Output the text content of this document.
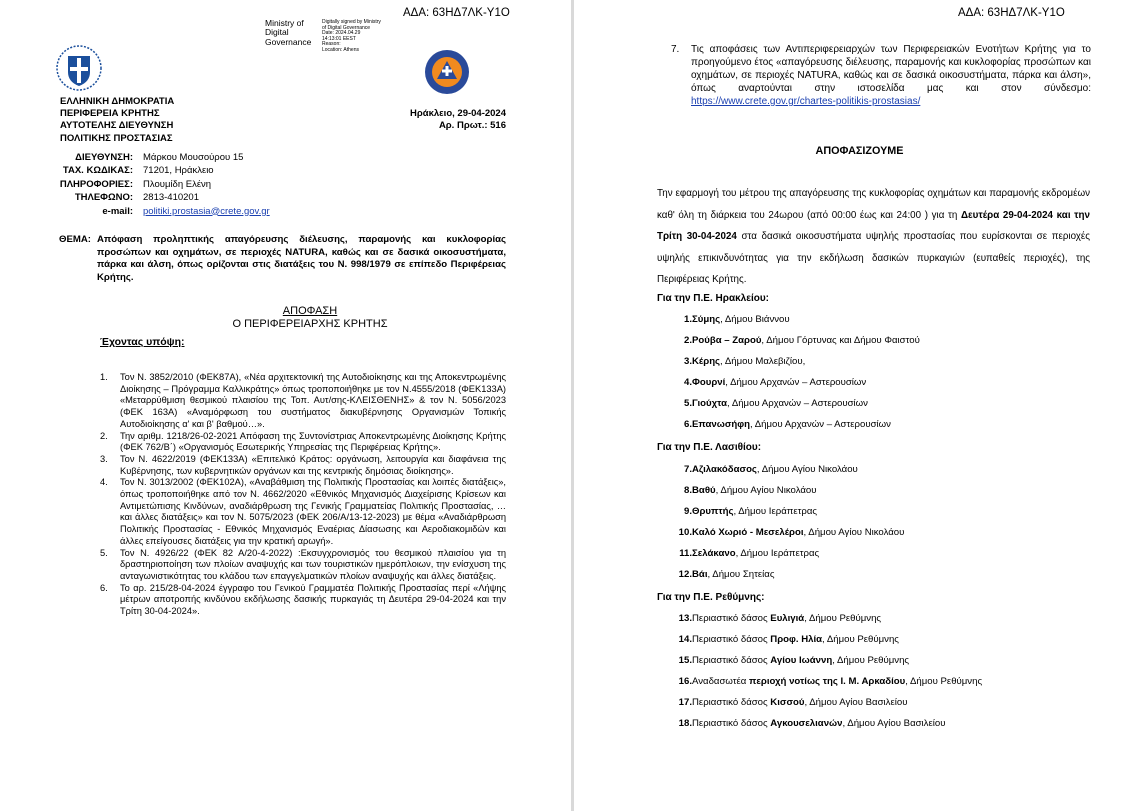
ΑΔΑ: 63ΗΔ7ΛΚ-Υ1Ο
Ministry of
Digital
Governance
Digitally signed by Ministry
of Digital Governance
Date: 2024.04.29
14:13:01 EEST
Reason:
Location: Athens
ΕΛΛΗΝΙΚΗ ΔΗΜΟΚΡΑΤΙΑ
ΠΕΡΙΦΕΡΕΙΑ ΚΡΗΤΗΣ
ΑΥΤΟΤΕΛΗΣ ΔΙΕΥΘΥΝΣΗ
ΠΟΛΙΤΙΚΗΣ ΠΡΟΣΤΑΣΙΑΣ
Ηράκλειο, 29-04-2024
Αρ. Πρωτ.: 516
ΔΙΕΥΘΥΝΣΗ:	Μάρκου Μουσούρου 15
ΤΑΧ. ΚΩΔΙΚΑΣ:	71201, Ηράκλειο
ΠΛΗΡΟΦΟΡΙΕΣ:	Πλουμίδη Ελένη
ΤΗΛΕΦΩΝΟ:	2813-410201
e-mail:	politiki.prostasia@crete.gov.gr
ΘΕΜΑ: Απόφαση προληπτικής απαγόρευσης διέλευσης, παραμονής και κυκλοφορίας προσώπων και οχημάτων, σε περιοχές NATURA, καθώς και σε δασικά οικοσυστήματα, πάρκα και άλση, όπως ορίζονται στις διατάξεις του Ν. 998/1979 σε επίπεδο Περιφέρειας Κρήτης.
ΑΠΟΦΑΣΗ
Ο ΠΕΡΙΦΕΡΕΙΑΡΧΗΣ ΚΡΗΤΗΣ
Έχοντας υπόψη:
1. Τον Ν. 3852/2010 (ΦΕΚ87Α), «Νέα αρχιτεκτονική της Αυτοδιοίκησης και της Αποκεντρωμένης Διοίκησης – Πρόγραμμα Καλλικράτης» όπως τροποποιήθηκε με τον Ν.4555/2018 (ΦΕΚ133Α) «Μεταρρύθμιση θεσμικού πλαισίου της Τοπ. Αυτ/σης-ΚΛΕΙΣΘΕΝΗΣ» & τον Ν. 5056/2023 (ΦΕΚ 163Α) «Αναμόρφωση του συστήματος διακυβέρνησης Οργανισμών Τοπικής Αυτοδιοίκησης α' και β' βαθμού…».
2. Την αριθμ. 1218/26-02-2021 Απόφαση της Συντονίστριας Αποκεντρωμένης Διοίκησης Κρήτης (ΦΕΚ 762/Β΄) «Οργανισμός Εσωτερικής Υπηρεσίας της Περιφέρειας Κρήτης».
3. Τον Ν. 4622/2019 (ΦΕΚ133Α) «Επιτελικό Κράτος: οργάνωση, λειτουργία και διαφάνεια της Κυβέρνησης, των κυβερνητικών οργάνων και της κεντρικής δημόσιας διοίκησης».
4. Τον Ν. 3013/2002 (ΦΕΚ102Α), «Αναβάθμιση της Πολιτικής Προστασίας και λοιπές διατάξεις», όπως τροποποιήθηκε από τον Ν. 4662/2020 «Εθνικός Μηχανισμός Διαχείρισης Κρίσεων και Αντιμετώπισης Κινδύνων, αναδιάρθρωση της Γενικής Γραμματείας Πολιτικής Προστασίας, … και άλλες διατάξεις» και τον Ν. 5075/2023 (ΦΕΚ 206/Α/13-12-2023) με θέμα «Αναδιάρθρωση Πολιτικής Προστασίας - Εθνικός Μηχανισμός Εναέριας Δίασωσης και Αεροδιακομιδών και άλλες επείγουσες διατάξεις για την κρατική αρωγή».
5. Τον Ν. 4926/22 (ΦΕΚ 82 Α/20-4-2022) :Εκσυγχρονισμός του θεσμικού πλαισίου για τη δραστηριοποίηση των πλοίων αναψυχής και των τουριστικών ημερόπλοιων, την ενίσχυση της ανταγωνιστικότητας του κλάδου των επαγγελματικών πλοίων αναψυχής και άλλες διατάξεις.
6. Το αρ. 215/28-04-2024 έγγραφο του Γενικού Γραμματέα Πολιτικής Προστασίας περί «Λήψης μέτρων αποτροπής κινδύνου εκδήλωσης δασικής πυρκαγιάς τη Δευτέρα 29-04-2024 και την Τρίτη 30-04-2024».
ΑΔΑ: 63ΗΔ7ΛΚ-Υ1Ο
7.	Τις αποφάσεις των Αντιπεριφερειαρχών των Περιφερειακών Ενοτήτων Κρήτης για το προηγούμενο έτος «απαγόρευσης διέλευσης, παραμονής και κυκλοφορίας προσώπων και οχημάτων, σε περιοχές NATURA, καθώς και σε δασικά οικοσυστήματα, πάρκα και άλση», όπως αναρτούνται στην ιστοσελίδα μας και στον σύνδεσμο: https://www.crete.gov.gr/chartes-politikis-prostasias/
ΑΠΟΦΑΣΙΖΟΥΜΕ
Την εφαρμογή του μέτρου της απαγόρευσης της κυκλοφορίας οχημάτων και παραμονής εκδρομέων καθ' όλη τη διάρκεια του 24ωρου (από 00:00 έως και 24:00 ) για τη Δευτέρα 29-04-2024 και την Τρίτη 30-04-2024 στα δασικά οικοσυστήματα υψηλής προστασίας που ευρίσκονται σε περιοχές υψηλής επικινδυνότητας για την εκδήλωση δασικών πυρκαγιών (ευπαθείς περιοχές), της Περιφέρειας Κρήτης.
Για την Π.Ε. Ηρακλείου:
1. Σύμης, Δήμου Βιάννου
2. Ρούβα – Ζαρού, Δήμου Γόρτυνας και Δήμου Φαιστού
3. Κέρης, Δήμου Μαλεβιζίου,
4. Φουρνί, Δήμου Αρχανών – Αστερουσίων
5. Γιούχτα, Δήμου Αρχανών – Αστερουσίων
6. Επανωσήφη, Δήμου Αρχανών – Αστερουσίων
Για την Π.Ε. Λασιθίου:
7. Αζιλακόδασος, Δήμου Αγίου Νικολάου
8. Βαθύ, Δήμου Αγίου Νικολάου
9. Θρυπτής, Δήμου Ιεράπετρας
10. Καλό Χωριό - Μεσελέροι, Δήμου Αγίου Νικολάου
11. Σελάκανο, Δήμου Ιεράπετρας
12. Βάι, Δήμου Σητείας
Για την Π.Ε. Ρεθύμνης:
13. Περιαστικό δάσος Ευλιγιά, Δήμου Ρεθύμνης
14. Περιαστικό δάσος Προφ. Ηλία, Δήμου Ρεθύμνης
15. Περιαστικό δάσος Αγίου Ιωάννη, Δήμου Ρεθύμνης
16. Αναδασωτέα περιοχή νοτίως της Ι. Μ. Αρκαδίου, Δήμου Ρεθύμνης
17. Περιαστικό δάσος Κισσού, Δήμου Αγίου Βασιλείου
18. Περιαστικό δάσος Αγκουσελιανών, Δήμου Αγίου Βασιλείου
